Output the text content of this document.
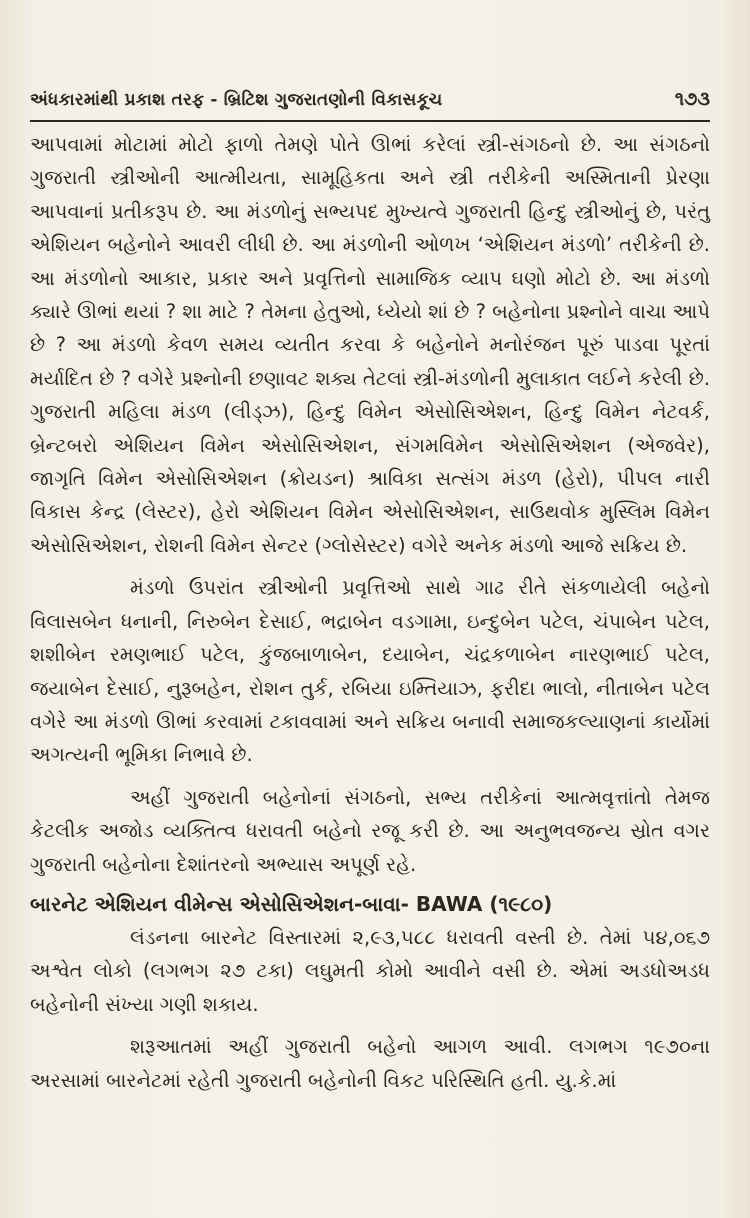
અંધકારમાંથી પ્રકાશ તરફ - બ્રિટિશ ગુજરાતણોની વિકાસકૂચ	૧૭૩

આપવામાં મોટામાં મોટો ફાળો તેમણે પોતે ઊભાં કરેલાં સ્ત્રી-સંગઠનો છે. આ સંગઠનો ગુજરાતી સ્ત્રીઓની આત્મીયતા, સામૂહિકતા અને સ્ત્રી તરીકેની અસ્મિતાની પ્રેરણા આપવાનાં પ્રતીકરૂપ છે. આ મંડળોનું સભ્યપદ મુખ્યત્વે ગુજરાતી હિન્દુ સ્ત્રીઓનું છે, પરંતુ એશિયન બહેનોને આવરી લીધી છે. આ મંડળોની ઓળખ ‘એશિયન મંડળો’ તરીકેની છે. આ મંડળોનો આકાર, પ્રકાર અને પ્રવૃત્તિનો સામાજિક વ્યાપ ઘણો મોટો છે. આ મંડળો ક્યારે ઊભાં થયાં ? શા માટે ? તેમના હેતુઓ, ધ્યેયો શાં છે ? બહેનોના પ્રશ્નોને વાચા આપે છે ? આ મંડળો કેવળ સમય વ્યતીત કરવા કે બહેનોને મનોરંજન પૂરું પાડવા પૂરતાં મર્યાદિત છે ? વગેરે પ્રશ્નોની છણાવટ શક્ય તેટલાં સ્ત્રી-મંડળોની મુલાકાત લઈને કરેલી છે. ગુજરાતી મહિલા મંડળ (લીડ્ઝ), હિન્દુ વિમેન એસોસિએશન, હિન્દુ વિમેન નેટવર્ક, બ્રેન્ટબરો એશિયન વિમેન એસોસિએશન, સંગમવિમેન એસોસિએશન (એજવેર), જાગૃતિ વિમેન એસોસિએશન (ક્રોયડન) શ્રાવિકા સત્સંગ મંડળ (હેરો), પીપલ નારી વિકાસ કેન્દ્ર (લેસ્ટર), હેરો એશિયન વિમેન એસોસિએશન, સાઉથવોક મુસ્લિમ વિમેન એસોસિએશન, રોશની વિમેન સેન્ટર (ગ્લોસેસ્ટર) વગેરે અનેક મંડળો આજે સક્રિય છે.

મંડળો ઉપરાંત સ્ત્રીઓની પ્રવૃત્તિઓ સાથે ગાઢ રીતે સંકળાયેલી બહેનો વિલાસબેન ધનાની, નિરુબેન દેસાઈ, ભદ્રાબેન વડગામા, ઇન્દુબેન પટેલ, ચંપાબેન પટેલ, શશીબેન રમણભાઈ પટેલ, કુંજબાળાબેન, દયાબેન, ચંદ્રકળાબેન નારણભાઈ પટેલ, જયાબેન દેસાઈ, નુરૂબહેન, રોશન તુર્ક, રબિયા ઇમ્તિયાઝ, ફરીદા ભાલો, નીતાબેન પટેલ વગેરે આ મંડળો ઊભાં કરવામાં ટકાવવામાં અને સક્રિય બનાવી સમાજકલ્યાણનાં કાર્યોમાં અગત્યની ભૂમિકા નિભાવે છે.

અહીં ગુજરાતી બહેનોનાં સંગઠનો, સભ્ય તરીકેનાં આત્મવૃત્તાંતો તેમજ કેટલીક અજોડ વ્યક્તિત્વ ધરાવતી બહેનો રજૂ કરી છે. આ અનુભવજન્ય સ્રોત વગર ગુજરાતી બહેનોના દેશાંતરનો અભ્યાસ અપૂર્ણ રહે.

બારનેટ એશિયન વીમેન્સ એસોસિએશન-બાવા- BAWA (૧૯૮૦)

લંડનના બારનેટ વિસ્તારમાં ૨,૯૩,૫૮૮ ધરાવતી વસ્તી છે. તેમાં ૫૪,૦૬૭ અશ્વેત લોકો (લગભગ ૨૭ ટકા) લઘુમતી કોમો આવીને વસી છે. એમાં અડધોઅડધ બહેનોની સંખ્યા ગણી શકાય.

શરૂઆતમાં અહીં ગુજરાતી બહેનો આગળ આવી. લગભગ ૧૯૭૦ના અરસામાં બારનેટમાં રહેતી ગુજરાતી બહેનોની વિકટ પરિસ્થિતિ હતી. યુ.કે.માં
